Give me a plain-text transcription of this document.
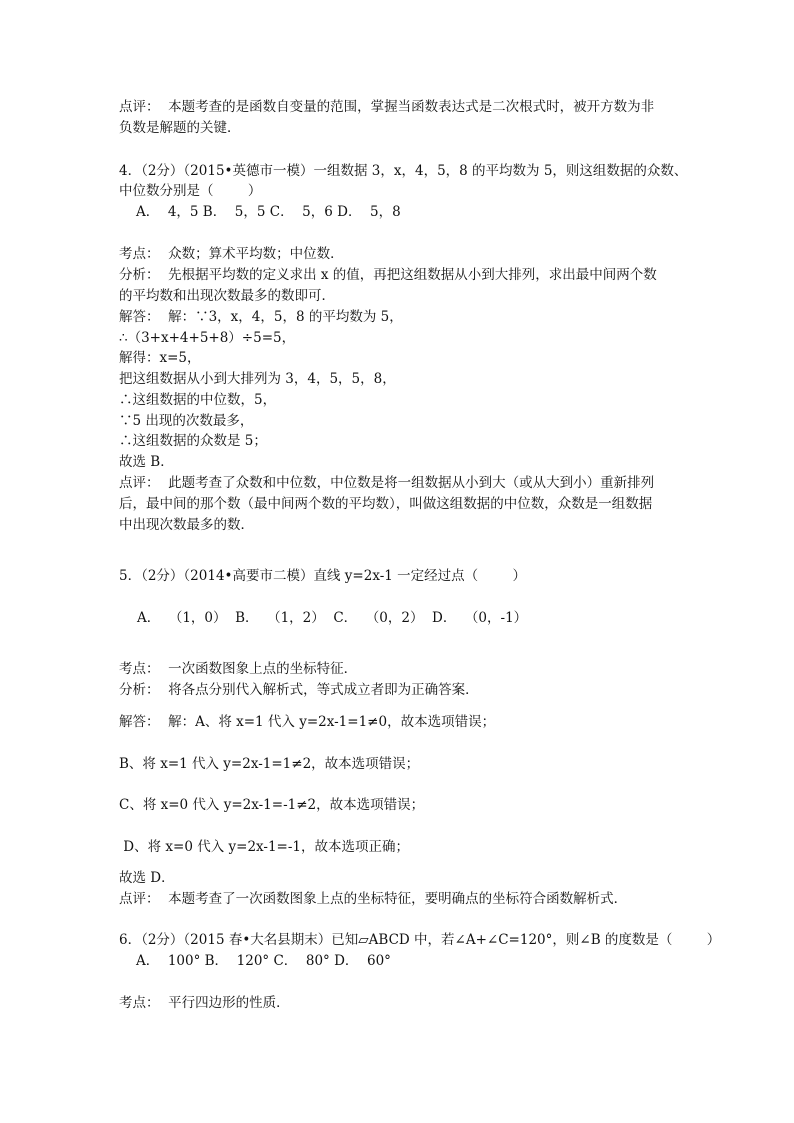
点评：  本题考查的是函数自变量的范围，掌握当函数表达式是二次根式时，被开方数为非
负数是解题的关键．
4．（2分）（2015•英德市一模）一组数据 3，x，4，5，8 的平均数为 5，则这组数据的众数、
中位数分别是（        ）
A．  4，5 B．  5，5 C．  5，6 D．  5，8
考点：  众数；算术平均数；中位数．
分析：  先根据平均数的定义求出 x 的值，再把这组数据从小到大排列，求出最中间两个数
的平均数和出现次数最多的数即可．
解答：  解：∵3，x，4，5，8 的平均数为 5，
∴（3+x+4+5+8）÷5=5，
解得：x=5，
把这组数据从小到大排列为 3，4，5，5，8，
∴这组数据的中位数，5，
∵5 出现的次数最多，
∴这组数据的众数是 5；
故选 B．
点评：  此题考查了众数和中位数，中位数是将一组数据从小到大（或从大到小）重新排列
后，最中间的那个数（最中间两个数的平均数），叫做这组数据的中位数，众数是一组数据
中出现次数最多的数．
5．（2分）（2014•高要市二模）直线 y=2x-1 一定经过点（        ）
A．  （1，0）  B．  （1，2）  C．  （0，2）  D．  （0，-1）
考点：  一次函数图象上点的坐标特征．
分析：  将各点分别代入解析式，等式成立者即为正确答案．
解答：  解：A、将 x=1 代入 y=2x-1=1≠0，故本选项错误；
B、将 x=1 代入 y=2x-1=1≠2，故本选项错误；
C、将 x=0 代入 y=2x-1=-1≠2，故本选项错误；
D、将 x=0 代入 y=2x-1=-1，故本选项正确；
故选 D．
点评：  本题考查了一次函数图象上点的坐标特征，要明确点的坐标符合函数解析式．
6．（2分）（2015 春•大名县期末）已知▱ABCD 中，若∠A+∠C=120°，则∠B 的度数是（        ）
A．  100° B．  120° C．  80° D．  60°
考点：  平行四边形的性质．
